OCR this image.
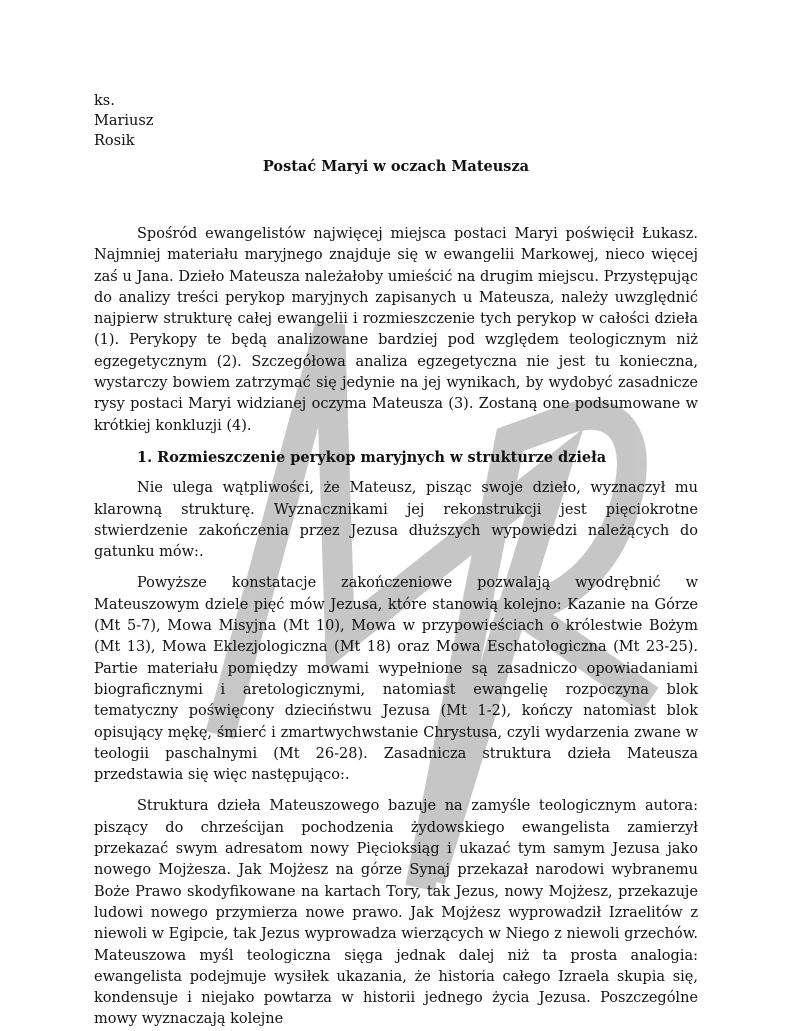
ks. Mariusz Rosik
Postać Maryi w oczach Mateusza

Spośród ewangelistów najwięcej miejsca postaci Maryi poświęcił Łukasz. Najmniej materiału maryjnego znajduje się w ewangelii Markowej, nieco więcej zaś u Jana. Dzieło Mateusza należałoby umieścić na drugim miejscu. Przystępując do analizy treści perykop maryjnych zapisanych u Mateusza, należy uwzględnić najpierw strukturę całej ewangelii i rozmieszczenie tych perykop w całości dzieła (1). Perykopy te będą analizowane bardziej pod względem teologicznym niż egzegetycznym (2). Szczegółowa analiza egzegetyczna nie jest tu konieczna, wystarczy bowiem zatrzymać się jedynie na jej wynikach, by wydobyć zasadnicze rysy postaci Maryi widzianej oczyma Mateusza (3). Zostaną one podsumowane w krótkiej konkluzji (4).

1. Rozmieszczenie perykop maryjnych w strukturze dzieła

Nie ulega wątpliwości, że Mateusz, pisząc swoje dzieło, wyznaczył mu klarowną strukturę. Wyznacznikami jej rekonstrukcji jest pięciokrotne stwierdzenie zakończenia przez Jezusa dłuższych wypowiedzi należących do gatunku mów:.

Powyższe konstatacje zakończeniowe pozwalają wyodrębnić w Mateuszowym dziele pięć mów Jezusa, które stanowią kolejno: Kazanie na Górze (Mt 5-7), Mowa Misyjna (Mt 10), Mowa w przypowieściach o królestwie Bożym (Mt 13), Mowa Eklezjologiczna (Mt 18) oraz Mowa Eschatologiczna (Mt 23-25). Partie materiału pomiędzy mowami wypełnione są zasadniczo opowiadaniami biograficznymi i aretologicznymi, natomiast ewangelię rozpoczyna blok tematyczny poświęcony dzieciństwu Jezusa (Mt 1-2), kończy natomiast blok opisujący mękę, śmierć i zmartwychwstanie Chrystusa, czyli wydarzenia zwane w teologii paschalnymi (Mt 26-28). Zasadnicza struktura dzieła Mateusza przedstawia się więc następująco:.

Struktura dzieła Mateuszowego bazuje na zamyśle teologicznym autora: piszący do chrześcijan pochodzenia żydowskiego ewangelista zamierzył przekazać swym adresatom nowy Pięcioksiąg i ukazać tym samym Jezusa jako nowego Mojżesza. Jak Mojżesz na górze Synaj przekazał narodowi wybranemu Boże Prawo skodyfikowane na kartach Tory, tak Jezus, nowy Mojżesz, przekazuje ludowi nowego przymierza nowe prawo. Jak Mojżesz wyprowadził Izraelitów z niewoli w Egipcie, tak Jezus wyprowadza wierzących w Niego z niewoli grzechów. Mateuszowa myśl teologiczna sięga jednak dalej niż ta prosta analogia: ewangelista podejmuje wysiłek ukazania, że historia całego Izraela skupia się, kondensuje i niejako powtarza w historii jednego życia Jezusa. Poszczególne mowy wyznaczają kolejne
